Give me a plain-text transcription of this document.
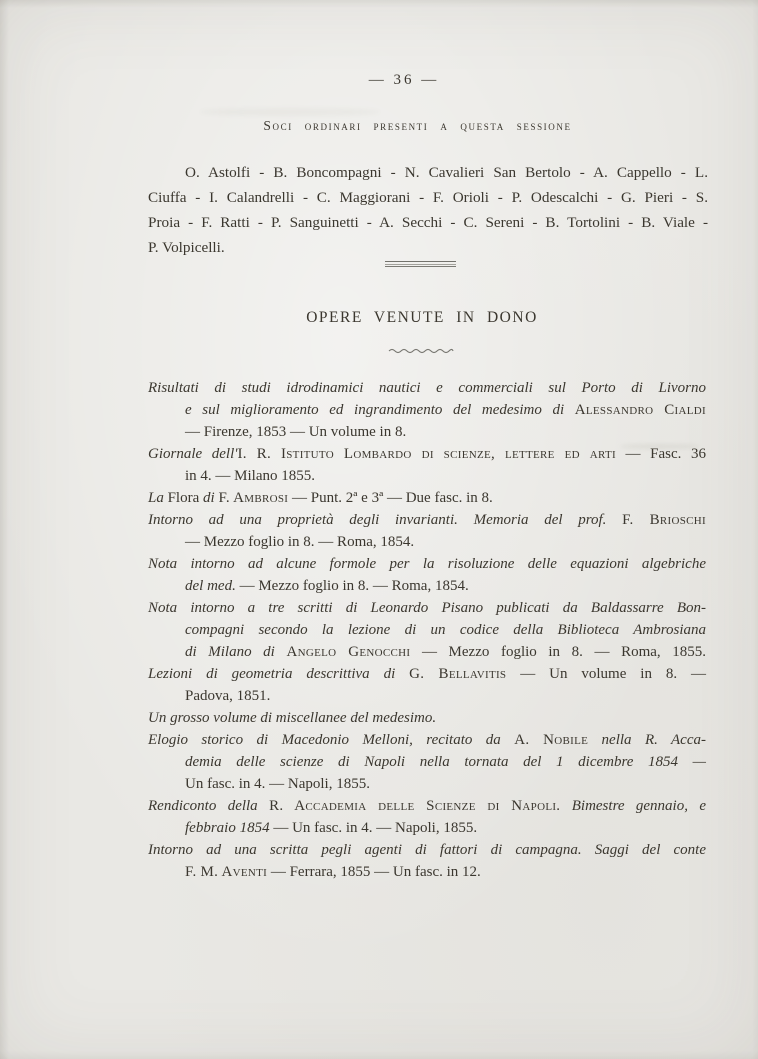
— 36 —
Soci ordinari presenti a questa sessione
O. Astolfi - B. Boncompagni - N. Cavalieri San Bertolo - A. Cappello - L.
Ciuffa - I. Calandrelli - C. Maggiorani - F. Orioli - P. Odescalchi - G. Pieri - S.
Proia - F. Ratti - P. Sanguinetti - A. Secchi - C. Sereni - B. Tortolini - B. Viale -
P. Volpicelli.
OPERE VENUTE IN DONO
Risultati di studi idrodinamici nautici e commerciali sul Porto di Livorno
e sul miglioramento ed ingrandimento del medesimo di Alessandro Cialdi
— Firenze, 1853 — Un volume in 8.
Giornale dell'I. R. Istituto Lombardo di scienze, lettere ed arti — Fasc. 36
in 4. — Milano 1855.
La Flora di F. Ambrosi — Punt. 2ª e 3ª — Due fasc. in 8.
Intorno ad una proprietà degli invarianti. Memoria del prof. F. Brioschi
— Mezzo foglio in 8. — Roma, 1854.
Nota intorno ad alcune formole per la risoluzione delle equazioni algebriche
del med. — Mezzo foglio in 8. — Roma, 1854.
Nota intorno a tre scritti di Leonardo Pisano publicati da Baldassarre Bon-
compagni secondo la lezione di un codice della Biblioteca Ambrosiana
di Milano di Angelo Genocchi — Mezzo foglio in 8. — Roma, 1855.
Lezioni di geometria descrittiva di G. Bellavitis — Un volume in 8. —
Padova, 1851.
Un grosso volume di miscellanee del medesimo.
Elogio storico di Macedonio Melloni, recitato da A. Nobile nella R. Acca-
demia delle scienze di Napoli nella tornata del 1 dicembre 1854 —
Un fasc. in 4. — Napoli, 1855.
Rendiconto della R. Accademia delle Scienze di Napoli. Bimestre gennaio, e
febbraio 1854 — Un fasc. in 4. — Napoli, 1855.
Intorno ad una scritta pegli agenti di fattori di campagna. Saggi del conte
F. M. Aventi — Ferrara, 1855 — Un fasc. in 12.
